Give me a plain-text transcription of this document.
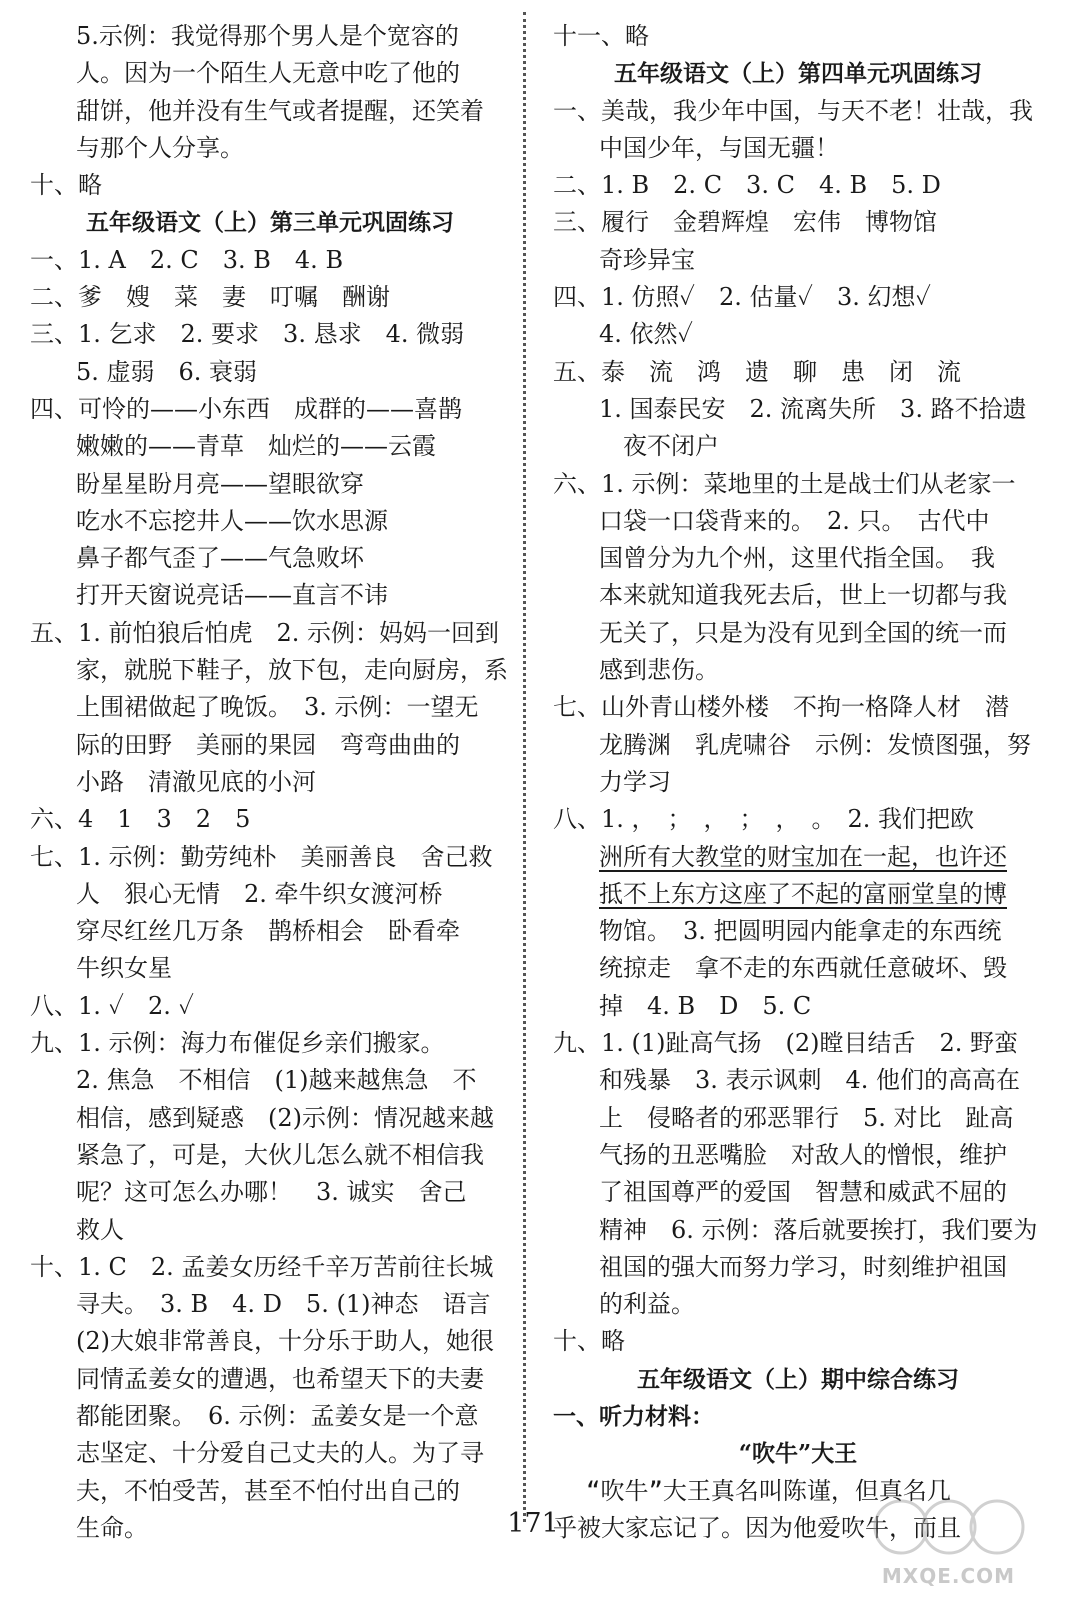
5.示例：我觉得那个男人是个宽容的
人。因为一个陌生人无意中吃了他的
甜饼，他并没有生气或者提醒，还笑着
与那个人分享。
十、略
五年级语文（上）第三单元巩固练习
一、1. A　2. C　3. B　4. B
二、爹　嫂　菜　妻　叮嘱　酬谢
三、1. 乞求　2. 要求　3. 恳求　4. 微弱
5. 虚弱　6. 衰弱
四、可怜的——小东西　成群的——喜鹊
嫩嫩的——青草　灿烂的——云霞
盼星星盼月亮——望眼欲穿
吃水不忘挖井人——饮水思源
鼻子都气歪了——气急败坏
打开天窗说亮话——直言不讳
五、1. 前怕狼后怕虎　2. 示例：妈妈一回到
家，就脱下鞋子，放下包，走向厨房，系
上围裙做起了晚饭。　3. 示例：一望无
际的田野　美丽的果园　弯弯曲曲的
小路　清澈见底的小河
六、4　1　3　2　5
七、1. 示例：勤劳纯朴　美丽善良　舍己救
人　狠心无情　2. 牵牛织女渡河桥
穿尽红丝几万条　鹊桥相会　卧看牵
牛织女星
八、1. ✓　2. ✓
九、1. 示例：海力布催促乡亲们搬家。
2. 焦急　不相信　(1)越来越焦急　不
相信，感到疑惑　(2)示例：情况越来越
紧急了，可是，大伙儿怎么就不相信我
呢？这可怎么办哪！　3. 诚实　舍己
救人
十、1. C　2. 孟姜女历经千辛万苦前往长城
寻夫。　3. B　4. D　5. (1)神态　语言
(2)大娘非常善良，十分乐于助人，她很
同情孟姜女的遭遇，也希望天下的夫妻
都能团聚。　6. 示例：孟姜女是一个意
志坚定、十分爱自己丈夫的人。为了寻
夫，不怕受苦，甚至不怕付出自己的
生命。
十一、略
五年级语文（上）第四单元巩固练习
一、美哉，我少年中国，与天不老！壮哉，我
中国少年，与国无疆！
二、1. B　2. C　3. C　4. B　5. D
三、履行　金碧辉煌　宏伟　博物馆
奇珍异宝
四、1. 仿照✓　2. 估量✓　3. 幻想✓
4. 依然✓
五、泰　流　鸿　遗　聊　患　闭　流
1. 国泰民安　2. 流离失所　3. 路不拾遗
　夜不闭户
六、1. 示例：菜地里的土是战士们从老家一
口袋一口袋背来的。　2. 只。　古代中
国曾分为九个州，这里代指全国。　我
本来就知道我死去后，世上一切都与我
无关了，只是为没有见到全国的统一而
感到悲伤。
七、山外青山楼外楼　不拘一格降人材　潜
龙腾渊　乳虎啸谷　示例：发愤图强，努
力学习
八、1. ，　；　，　；　，　。　2. 我们把欧
洲所有大教堂的财宝加在一起，也许还
抵不上东方这座了不起的富丽堂皇的博
物馆。　3. 把圆明园内能拿走的东西统
统掠走　拿不走的东西就任意破坏、毁
掉　4. B　D　5. C
九、1. (1)趾高气扬　(2)瞠目结舌　2. 野蛮
和残暴　3. 表示讽刺　4. 他们的高高在
上　侵略者的邪恶罪行　5. 对比　趾高
气扬的丑恶嘴脸　对敌人的憎恨，维护
了祖国尊严的爱国　智慧和威武不屈的
精神　6. 示例：落后就要挨打，我们要为
祖国的强大而努力学习，时刻维护祖国
的利益。
十、略
五年级语文（上）期中综合练习
一、听力材料：
“吹牛”大王
“吹牛”大王真名叫陈谨，但真名几
乎被大家忘记了。因为他爱吹牛，而且
171
MXQE.COM
